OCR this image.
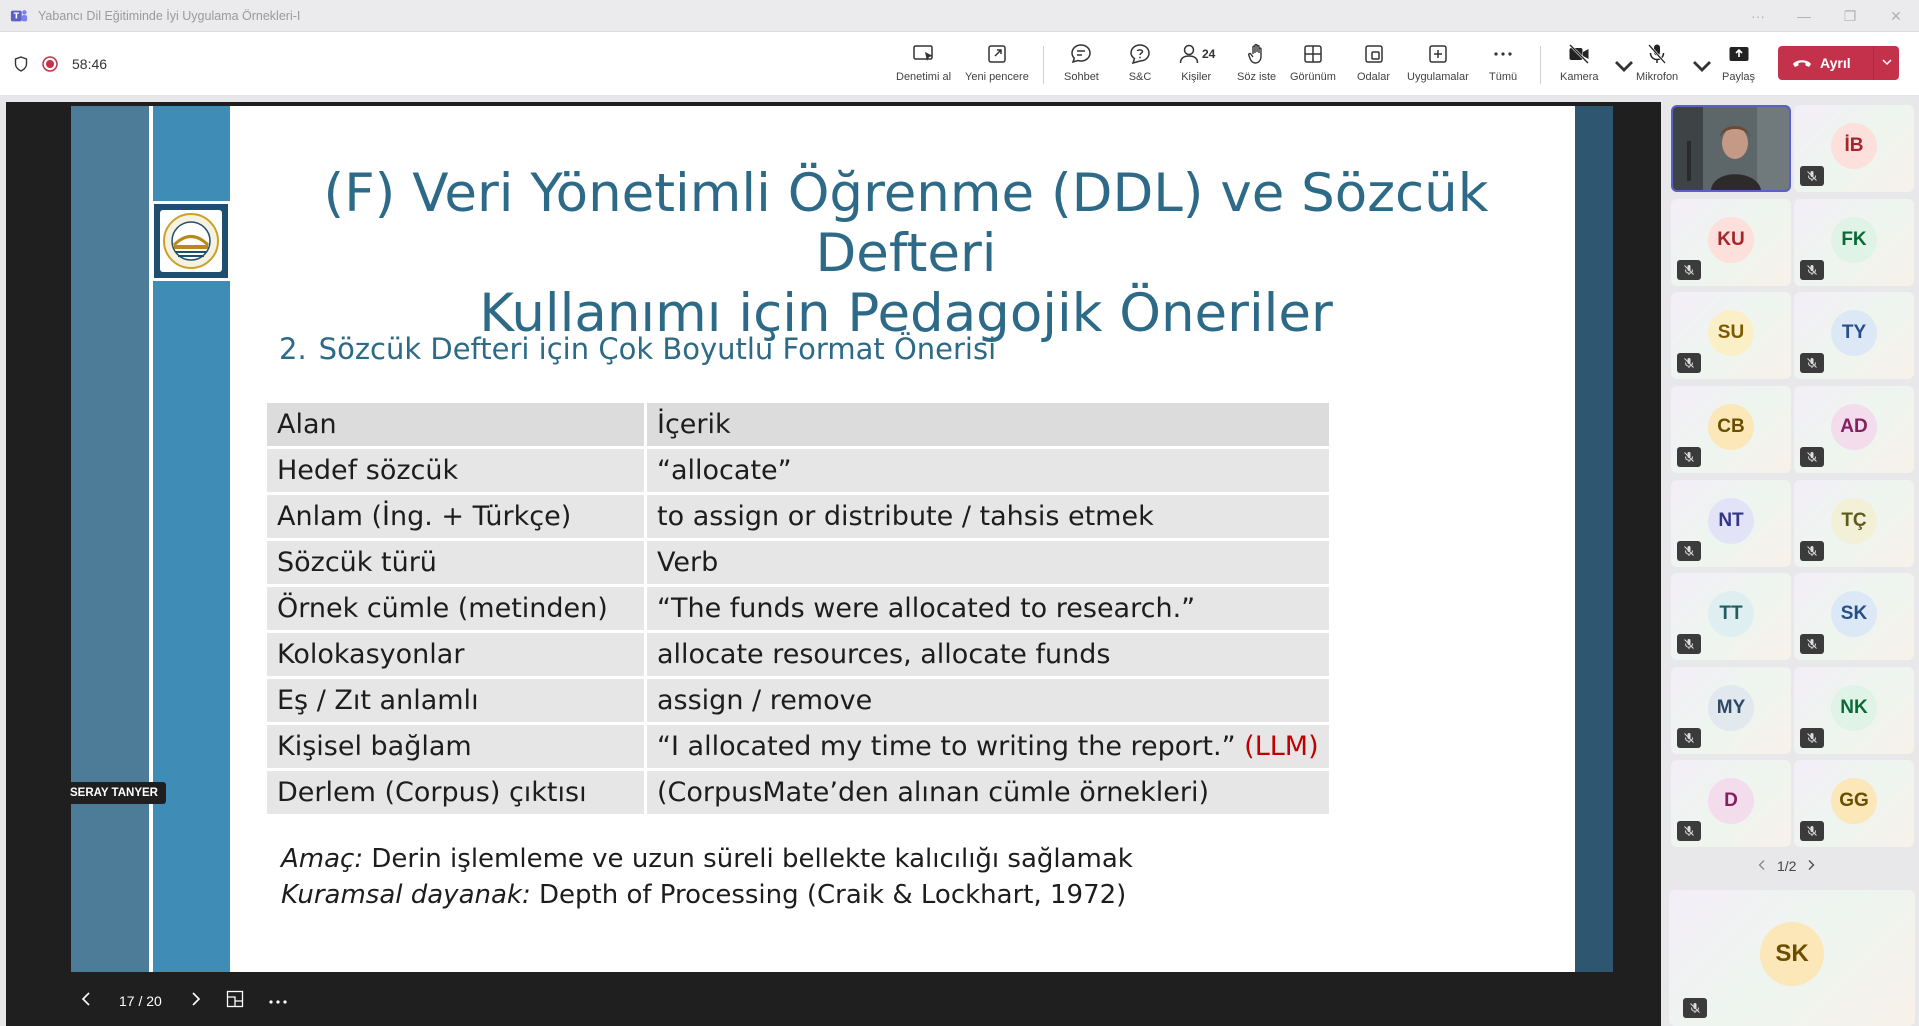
T Yabancı Dil Eğitiminde İyi Uygulama Örnekleri-I	···	—	❐	✕
58:46
Denetimi al Yeni pencere	Sohbet	S&C
24
Kişiler Söz iste Görünüm Odalar Uygulamalar Tümü	Kamera	Mikrofon	Paylaş
Ayrıl
(F) Veri Yönetimli Öğrenme (DDL) ve Sözcük Defteri
Kullanımı için Pedagojik Öneriler
2. Sözcük Defteri için Çok Boyutlu Format Önerisi
Alan	İçerik
Hedef sözcük	“allocate”
Anlam (İng. + Türkçe)	to assign or distribute / tahsis etmek
Sözcük türü	Verb
Örnek cümle (metinden)	“The funds were allocated to research.”
Kolokasyonlar	allocate resources, allocate funds
Eş / Zıt anlamlı	assign / remove
Kişisel bağlam	“I allocated my time to writing the report.” (LLM)
Derlem (Corpus) çıktısı	(CorpusMate’den alınan cümle örnekleri)
Amaç: Derin işlemleme ve uzun süreli bellekte kalıcılığı sağlamak
Kuramsal dayanak: Depth of Processing (Craik & Lockhart, 1972)
SERAY TANYER
17 / 20
İB
KU	FK
SU	TY
CB	AD
NT	TÇ
TT	SK
MY	NK
D	GG
1/2
SK
